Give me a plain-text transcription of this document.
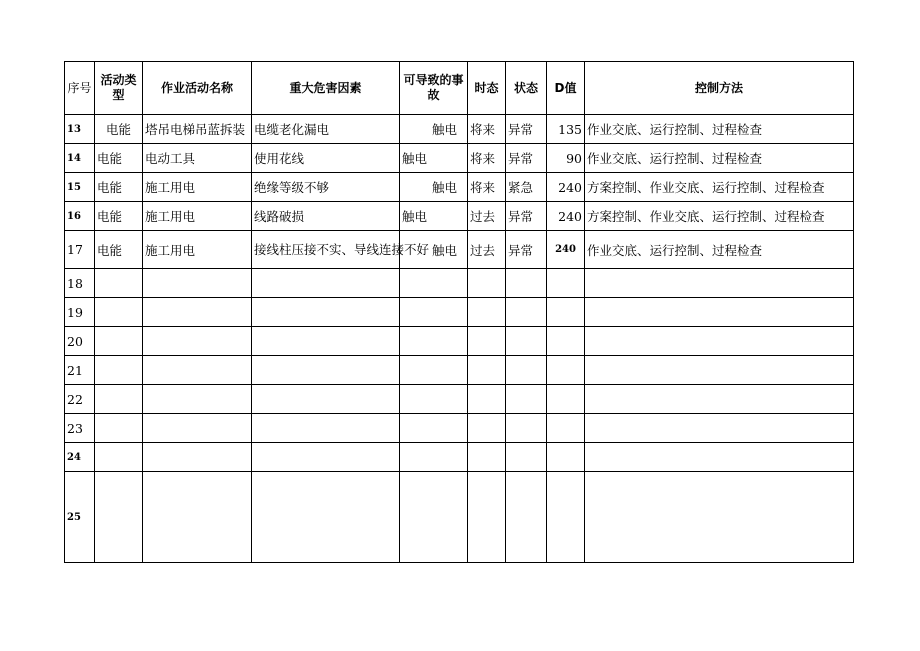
序号	活动类型	作业活动名称	重大危害因素	可导致的事故	时态	状态	D值	控制方法
13	电能	塔吊电梯吊蓝拆装	电缆老化漏电	触电	将来	异常	135	作业交底、运行控制、过程检查
14	电能	电动工具	使用花线	触电	将来	异常	90	作业交底、运行控制、过程检查
15	电能	施工用电	绝缘等级不够	触电	将来	紧急	240	方案控制、作业交底、运行控制、过程检查
16	电能	施工用电	线路破损	触电	过去	异常	240	方案控制、作业交底、运行控制、过程检查
17	电能	施工用电	接线柱压接不实、导线连接不好	触电	过去	异常	240	作业交底、运行控制、过程检查
18								
19								
20								
21								
22								
23								
24								
25								
